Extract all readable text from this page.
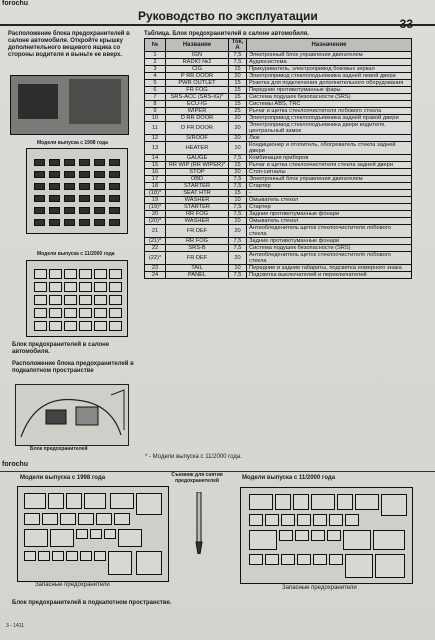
forochu
Руководство по эксплуатации
33
Расположение блока предохранителей в салоне автомобиля. Откройте крышку дополнительного вещевого ящика со стороны водителя и выньте ее вверх.
Модели выпуска с 1998 года
Модели выпуска с 11/2000 года
Блок предохранителей в салоне автомобиля.
Расположение блока предохранителей в подкапотном пространстве
Блок предохранителей
Таблица. Блок предохранителей в салоне автомобиля.
№	Название	Ток, А	Назначение
1	IGN	7,5	Электронный блок управления двигателем
2	RADIO №2	7,5	Аудиосистема
3	CIG	15	Прикуриватель, электропривод боковых зеркал
4	P RR DOOR	20	Электропривод стеклоподъемника задней левой двери
5	PWR OUTLET	15	Розетка для подключения дополнительного оборудования
6	FR FOG	15	Передние противотуманные фары
7	SRS-ACC (SRS-IG)*	15	Система подушек безопасности (SRS)
8	ECU-IG	15	Системы ABS, TRC
9	WIPER	25	Рычаг и щетка стеклоочистителя лобового стекла
10	D RR DOOR	20	Электропривод стеклоподъемника задней правой двери
11	D FR DOOR	20	Электропривод стеклоподъемника двери водителя, центральный замок
12	S/ROOF	20	Люк
13	HEATER	10	Кондиционер и отопитель, обогреватель стекла задней двери
14	GAUGE	7,5	Комбинация приборов
15	RR WIP (RR WIPER)*	15	Рычаг и щетка стеклоочистителя стекла задней двери
16	STOP	20	Стоп-сигналы
17	OBD	7,5	Электронный блок управления двигателем
18	STARTER	7,5	Стартер
(18)*	SEAT HTR	15	-
19	WASHER	10	Омыватель стекол
(19)*	STARTER	7,5	Стартер
20	RR FOG	7,5	Задние противотуманные фонари
(20)*	WASHER	10	Омыватель стекол
21	FR DEF	20	Антиобледенитель щеток стеклоочистителя лобового стекла
(21)*	RR FOG	7,5	Задние противотуманные фонари
22	SRS-B	7,5	Система подушек безопасности (SRS)
(22)*	FR DEF	20	Антиобледенитель щеток стеклоочистителя лобового стекла
23	TAIL	10	Передние и задние габариты, подсветка номерного знака
24	PANEL	7,5	Подсветка выключателей и переключателей
* - Модели выпуска с 11/2000 года.
forochu
Модели выпуска с 1998 года	Съемник для снятия предохранителей	Модели выпуска с 11/2000 года
Запасные предохранители	Запасные предохранители
Блок предохранителей в подкапотном пространстве.
3 - 1411
